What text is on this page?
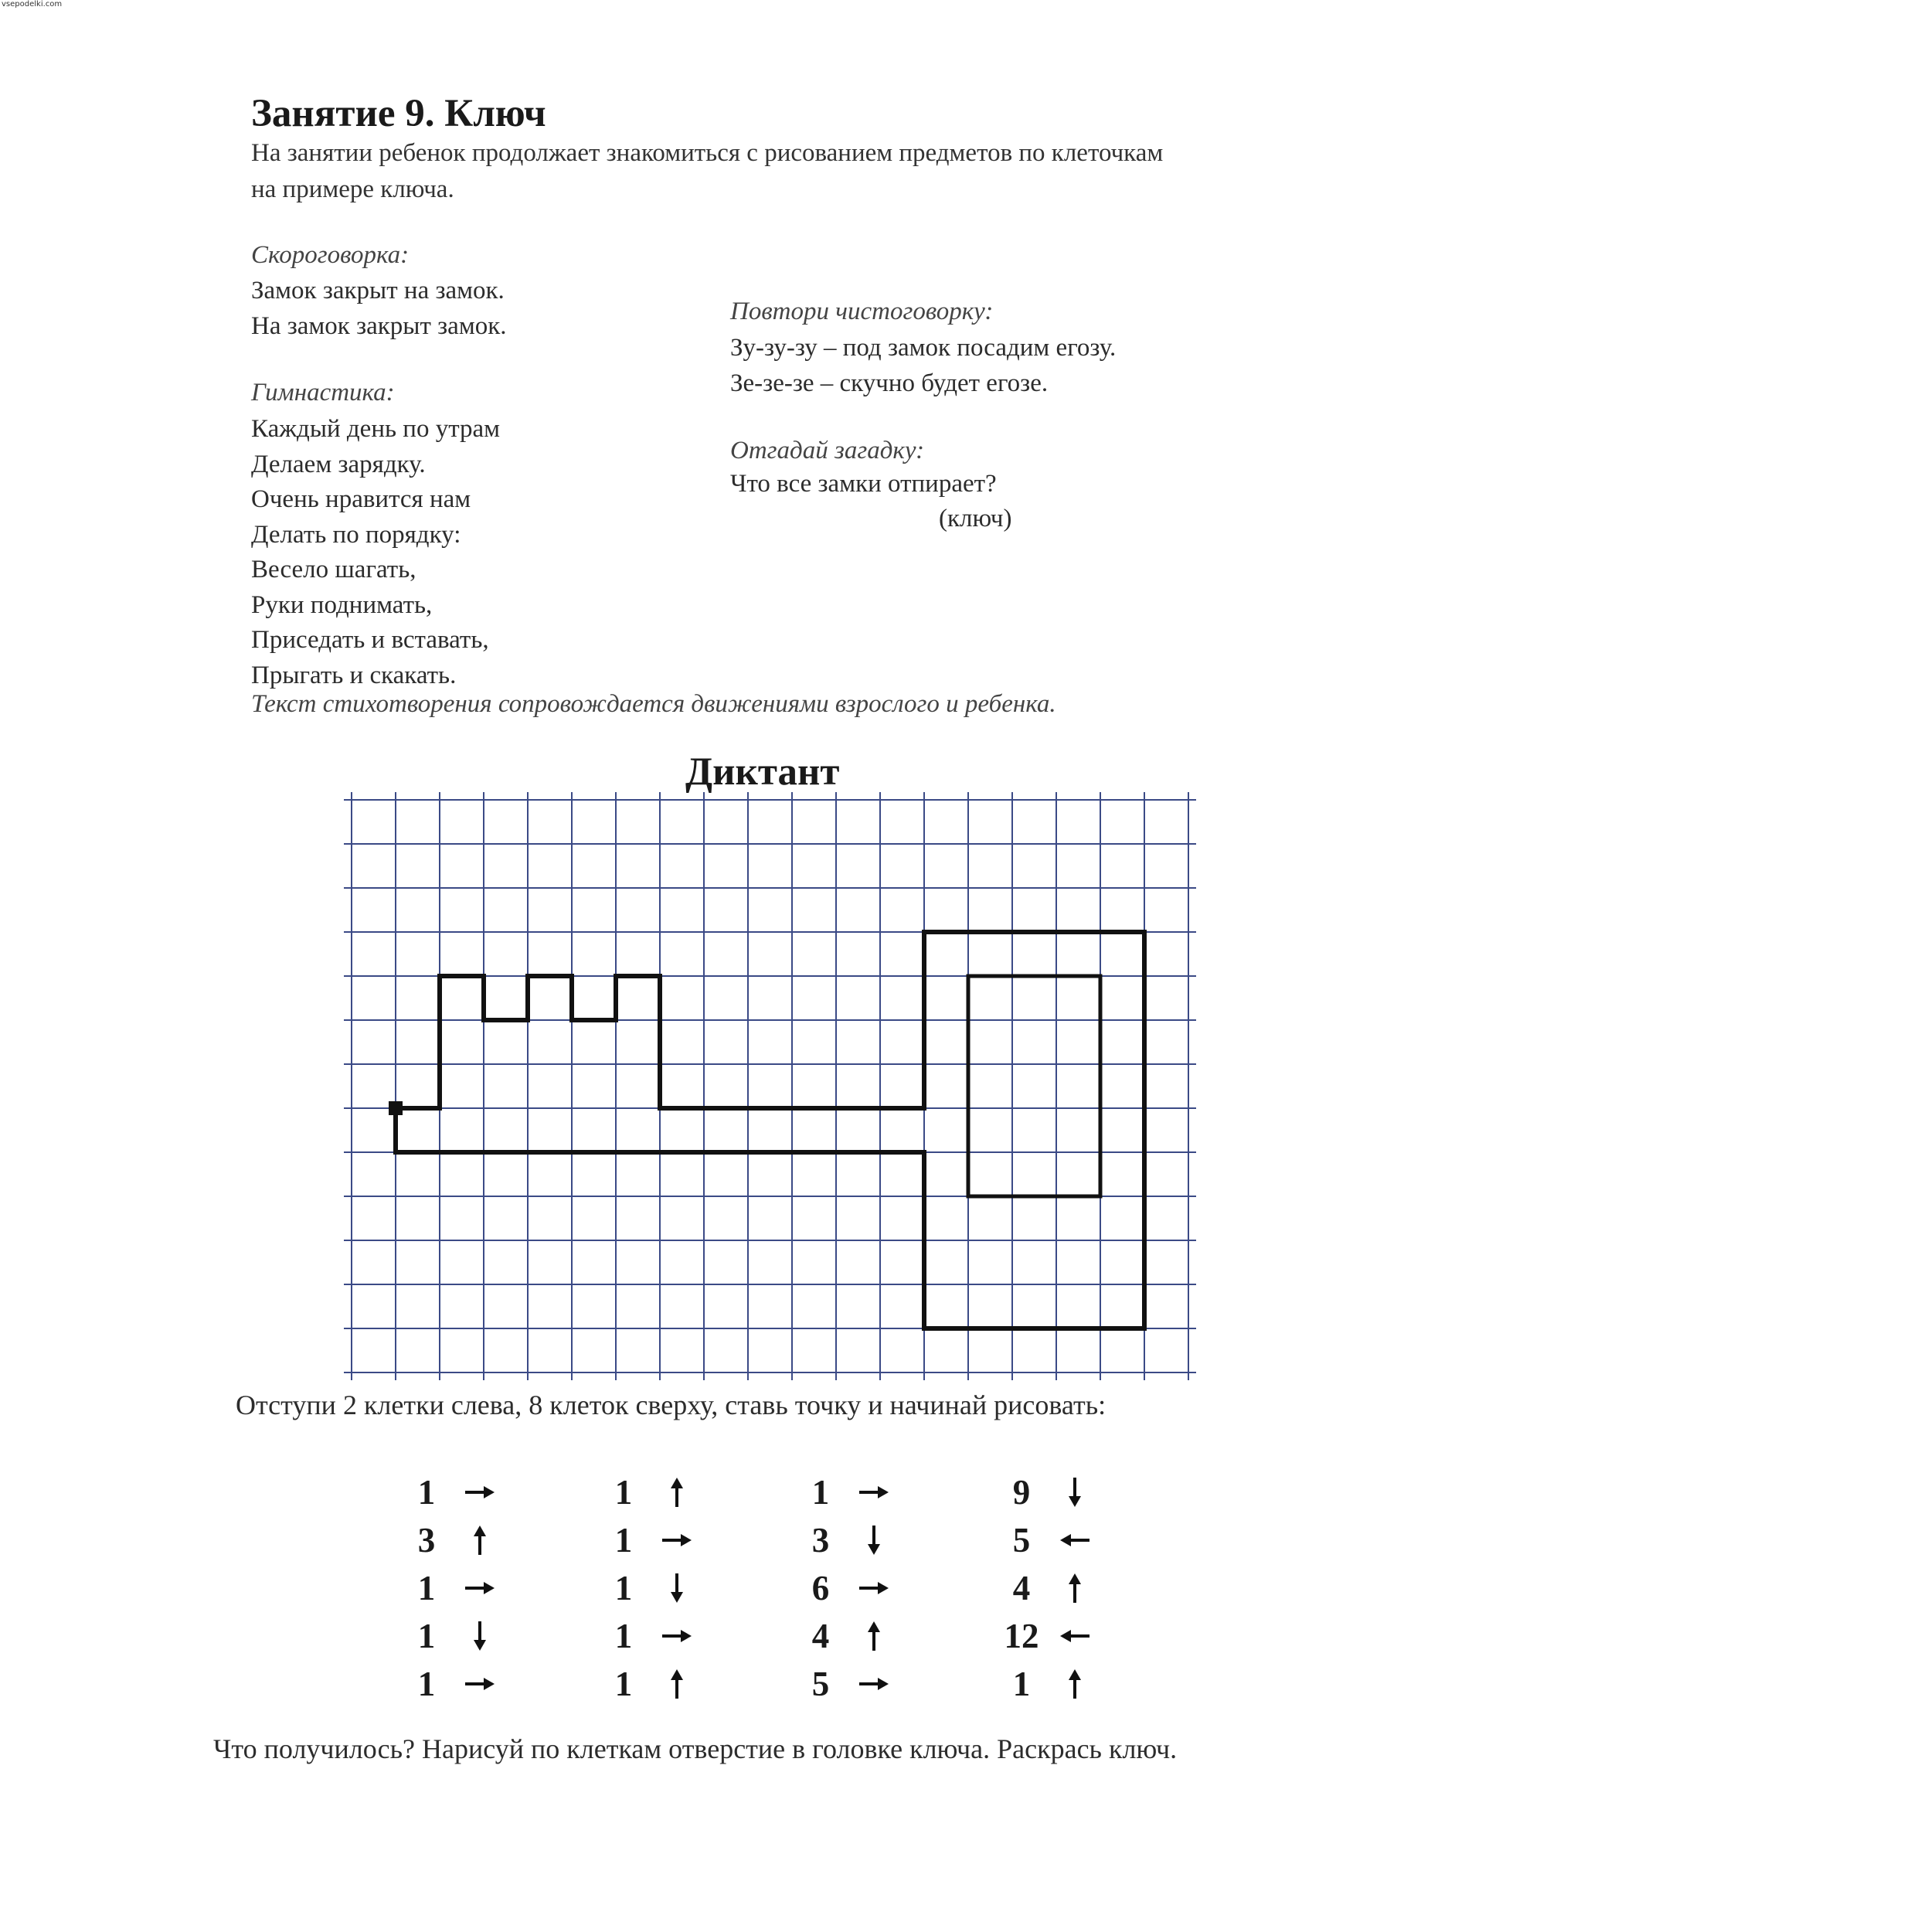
vsepodelki.com
Занятие 9. Ключ
На занятии ребенок продолжает знакомиться с рисованием предметов по клеточкам
на примере ключа.
Скороговорка:
Замок закрыт на замок.
На замок закрыт замок.
Гимнастика:
Каждый день по утрам
Делаем зарядку.
Очень нравится нам
Делать по порядку:
Весело шагать,
Руки поднимать,
Приседать и вставать,
Прыгать и скакать.
Повтори чистоговорку:
Зу-зу-зу – под замок посадим егозу.
Зе-зе-зе – скучно будет егозе.
Отгадай загадку:
Что все замки отпирает?
(ключ)
Текст стихотворения сопровождается движениями взрослого и ребенка.
Диктант
Отступи 2 клетки слева, 8 клеток сверху, ставь точку и начинай рисовать:
1
3
1
1
1
1
1
1
1
1
1
3
6
4
5
9
5
4
12
1
Что получилось? Нарисуй по клеткам отверстие в головке ключа. Раскрась ключ.
